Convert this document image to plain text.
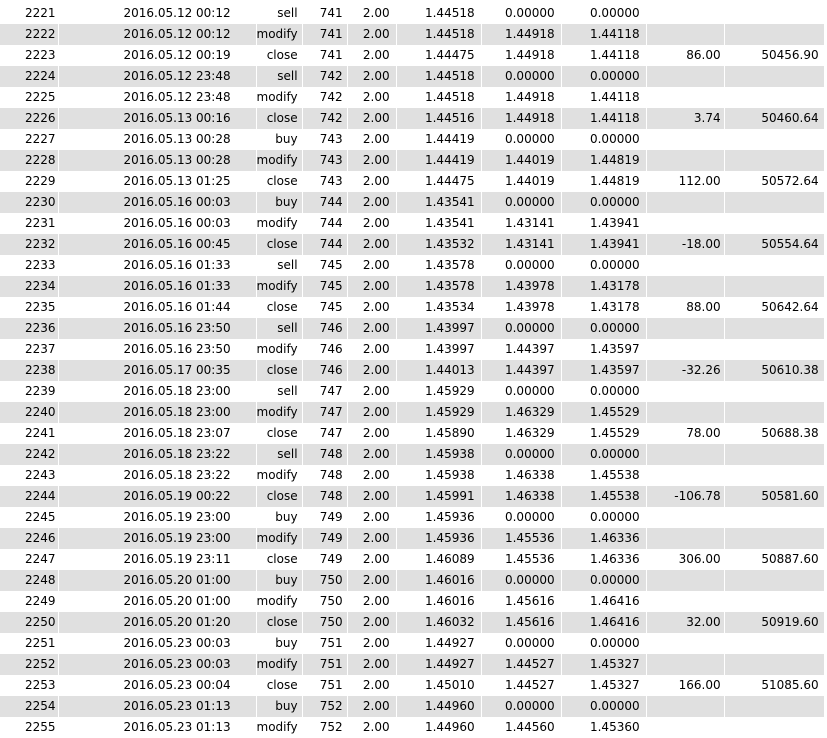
2221	2016.05.12 00:12	sell	741	2.00	1.44518	0.00000	0.00000		
2222	2016.05.12 00:12	modify	741	2.00	1.44518	1.44918	1.44118		
2223	2016.05.12 00:19	close	741	2.00	1.44475	1.44918	1.44118	86.00	50456.90
2224	2016.05.12 23:48	sell	742	2.00	1.44518	0.00000	0.00000		
2225	2016.05.12 23:48	modify	742	2.00	1.44518	1.44918	1.44118		
2226	2016.05.13 00:16	close	742	2.00	1.44516	1.44918	1.44118	3.74	50460.64
2227	2016.05.13 00:28	buy	743	2.00	1.44419	0.00000	0.00000		
2228	2016.05.13 00:28	modify	743	2.00	1.44419	1.44019	1.44819		
2229	2016.05.13 01:25	close	743	2.00	1.44475	1.44019	1.44819	112.00	50572.64
2230	2016.05.16 00:03	buy	744	2.00	1.43541	0.00000	0.00000		
2231	2016.05.16 00:03	modify	744	2.00	1.43541	1.43141	1.43941		
2232	2016.05.16 00:45	close	744	2.00	1.43532	1.43141	1.43941	-18.00	50554.64
2233	2016.05.16 01:33	sell	745	2.00	1.43578	0.00000	0.00000		
2234	2016.05.16 01:33	modify	745	2.00	1.43578	1.43978	1.43178		
2235	2016.05.16 01:44	close	745	2.00	1.43534	1.43978	1.43178	88.00	50642.64
2236	2016.05.16 23:50	sell	746	2.00	1.43997	0.00000	0.00000		
2237	2016.05.16 23:50	modify	746	2.00	1.43997	1.44397	1.43597		
2238	2016.05.17 00:35	close	746	2.00	1.44013	1.44397	1.43597	-32.26	50610.38
2239	2016.05.18 23:00	sell	747	2.00	1.45929	0.00000	0.00000		
2240	2016.05.18 23:00	modify	747	2.00	1.45929	1.46329	1.45529		
2241	2016.05.18 23:07	close	747	2.00	1.45890	1.46329	1.45529	78.00	50688.38
2242	2016.05.18 23:22	sell	748	2.00	1.45938	0.00000	0.00000		
2243	2016.05.18 23:22	modify	748	2.00	1.45938	1.46338	1.45538		
2244	2016.05.19 00:22	close	748	2.00	1.45991	1.46338	1.45538	-106.78	50581.60
2245	2016.05.19 23:00	buy	749	2.00	1.45936	0.00000	0.00000		
2246	2016.05.19 23:00	modify	749	2.00	1.45936	1.45536	1.46336		
2247	2016.05.19 23:11	close	749	2.00	1.46089	1.45536	1.46336	306.00	50887.60
2248	2016.05.20 01:00	buy	750	2.00	1.46016	0.00000	0.00000		
2249	2016.05.20 01:00	modify	750	2.00	1.46016	1.45616	1.46416		
2250	2016.05.20 01:20	close	750	2.00	1.46032	1.45616	1.46416	32.00	50919.60
2251	2016.05.23 00:03	buy	751	2.00	1.44927	0.00000	0.00000		
2252	2016.05.23 00:03	modify	751	2.00	1.44927	1.44527	1.45327		
2253	2016.05.23 00:04	close	751	2.00	1.45010	1.44527	1.45327	166.00	51085.60
2254	2016.05.23 01:13	buy	752	2.00	1.44960	0.00000	0.00000		
2255	2016.05.23 01:13	modify	752	2.00	1.44960	1.44560	1.45360		
